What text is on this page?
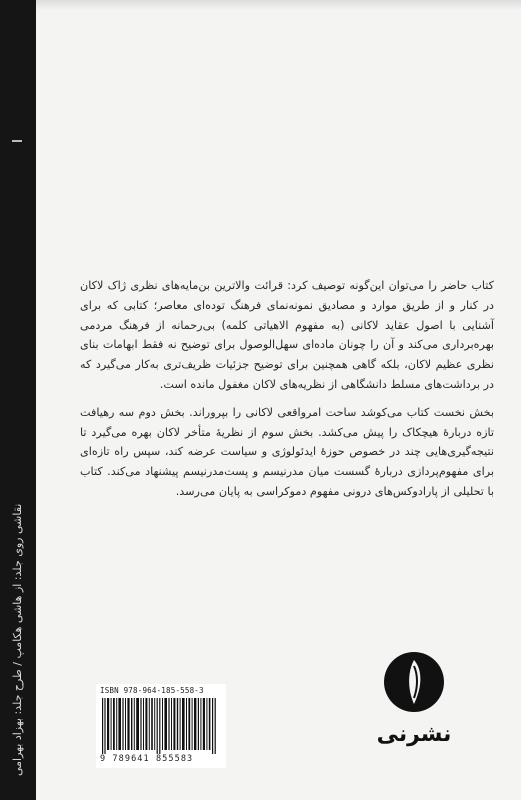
نقاشی روی جلد: از هاشی هکامپ / طرح جلد: بهزاد بهرامی

کتاب حاضر را می‌توان این‌گونه توصیف کرد: قرائت والاترین بن‌مایه‌های نظری ژاک لاکان در کنار و از طریق موارد و مصادیق نمونه‌نمای فرهنگ توده‌ای معاصر؛ کتابی که برای آشنایی با اصول عقاید لاکانی (به مفهوم الاهیاتی کلمه) بی‌رحمانه از فرهنگ مردمی بهره‌برداری می‌کند و آن را چونان ماده‌ای سهل‌الوصول برای توضیح نه فقط ابهامات بنای نظری عظیم لاکان، بلکه گاهی همچنین برای توضیح جزئیات ظریف‌تری به‌کار می‌گیرد که در برداشت‌های مسلط دانشگاهی از نظریه‌های لاکان مغفول مانده است.

بخش نخست کتاب می‌کوشد ساحت امرواقعی لاکانی را بپروراند. بخش دوم سه رهیافت تازه دربارهٔ هیچکاک را پیش می‌کشد. بخش سوم از نظریهٔ متأخر لاکان بهره می‌گیرد تا نتیجه‌گیری‌هایی چند در خصوص حوزهٔ ایدئولوژی و سیاست عرضه کند، سپس راه تازه‌ای برای مفهوم‌پردازی دربارهٔ گسست میان مدرنیسم و پست‌مدرنیسم پیشنهاد می‌کند. کتاب با تحلیلی از پارادوکس‌های درونی مفهوم دموکراسی به پایان می‌رسد.

ISBN 978-964-185-558-3
9 789641 855583
نشرنی
